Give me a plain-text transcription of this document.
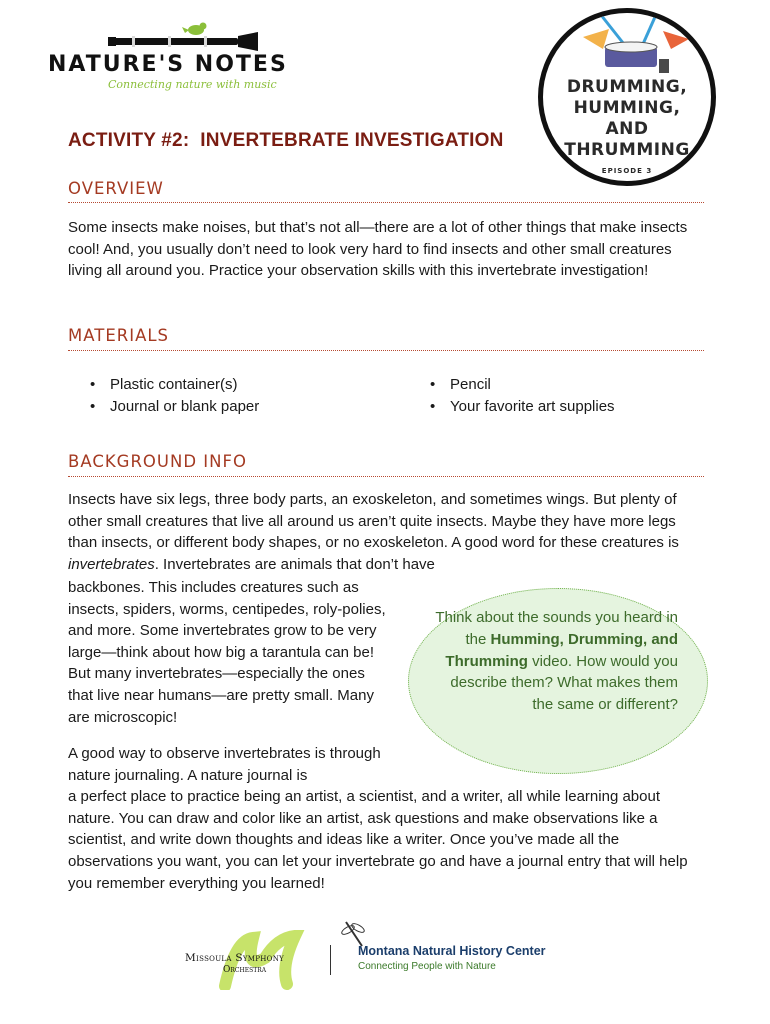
NATURE'S NOTES
Connecting nature with music	DRUMMING,
HUMMING,
AND
THRUMMING
EPISODE 3
ACTIVITY #2:  INVERTEBRATE INVESTIGATION
OVERVIEW
Some insects make noises, but that’s not all—there are a lot of other things that make insects cool! And, you usually don’t need to look very hard to find insects and other small creatures living all around you. Practice your observation skills with this invertebrate investigation!
MATERIALS
• Plastic container(s)
• Journal or blank paper
• Pencil
• Your favorite art supplies
BACKGROUND INFO
Insects have six legs, three body parts, an exoskeleton, and sometimes wings. But plenty of other small creatures that live all around us aren’t quite insects. Maybe they have more legs than insects, or different body shapes, or no exoskeleton. A good word for these creatures is invertebrates. Invertebrates are animals that don’t have
backbones. This includes creatures such as insects, spiders, worms, centipedes, roly-polies, and more. Some invertebrates grow to be very large—think about how big a tarantula can be! But many invertebrates—especially the ones that live near humans—are pretty small. Many are microscopic!
A good way to observe invertebrates is through nature journaling. A nature journal is
a perfect place to practice being an artist, a scientist, and a writer, all while learning about nature. You can draw and color like an artist, ask questions and make observations like a scientist, and write down thoughts and ideas like a writer. Once you’ve made all the observations you want, you can let your invertebrate go and have a journal entry that will help you remember everything you learned!
Think about the sounds you heard in the Humming, Drumming, and Thrumming video. How would you describe them? What makes them the same or different?
Missoula Symphony
Orchestra
Montana Natural History Center
Connecting People with Nature
